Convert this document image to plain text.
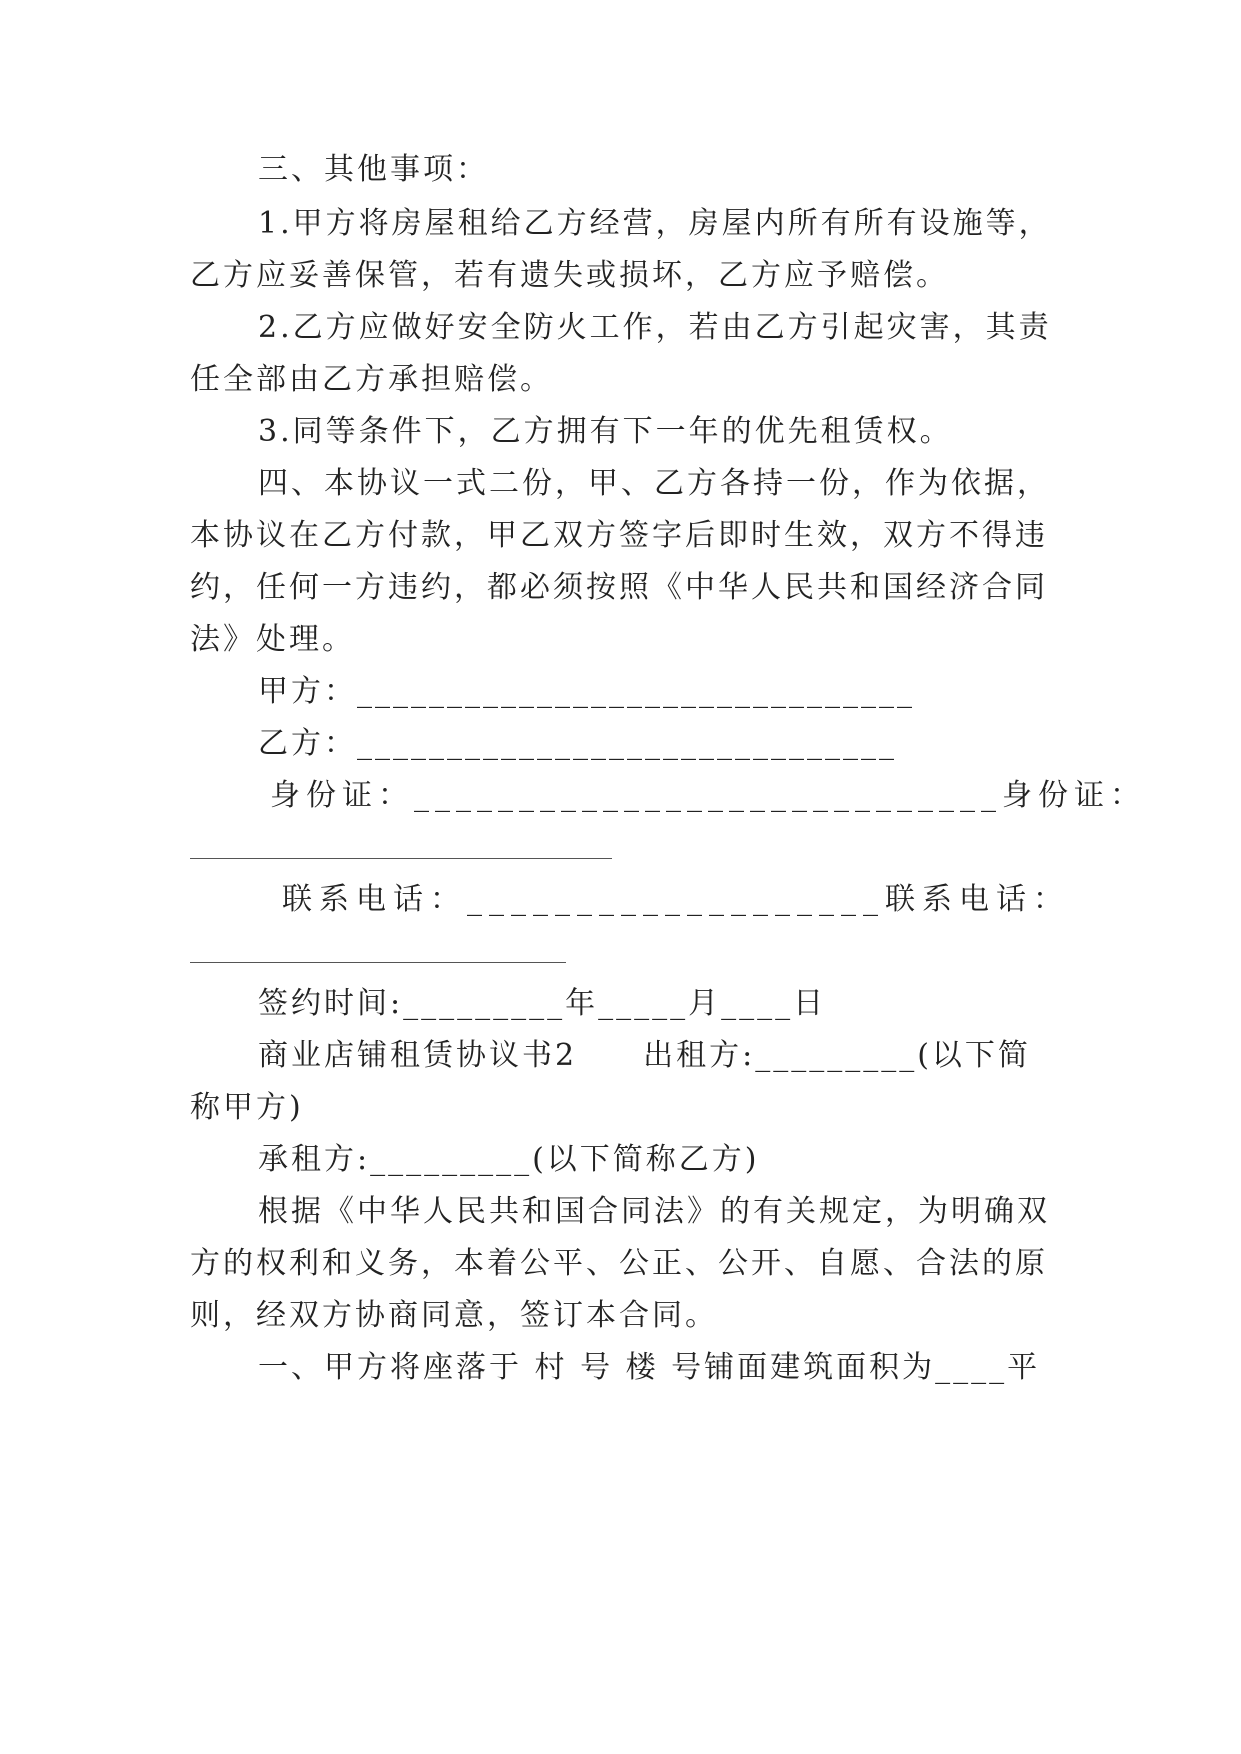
三、其他事项：
1.甲方将房屋租给乙方经营，房屋内所有所有设施等，
乙方应妥善保管，若有遗失或损坏，乙方应予赔偿。
2.乙方应做好安全防火工作，若由乙方引起灾害，其责
任全部由乙方承担赔偿。
3.同等条件下，乙方拥有下一年的优先租赁权。
四、本协议一式二份，甲、乙方各持一份，作为依据，
本协议在乙方付款，甲乙双方签字后即时生效，双方不得违
约，任何一方违约，都必须按照《中华人民共和国经济合同
法》处理。
甲方：_______________________________
乙方：______________________________
身份证：____________________________身份证：
联系电话：___________________联系电话：
签约时间:_________年_____月____日
商业店铺租赁协议书2　　出租方:_________(以下简
称甲方)
承租方:_________(以下简称乙方)
根据《中华人民共和国合同法》的有关规定，为明确双
方的权利和义务，本着公平、公正、公开、自愿、合法的原
则，经双方协商同意，签订本合同。
一、甲方将座落于 村 号 楼 号铺面建筑面积为____平
